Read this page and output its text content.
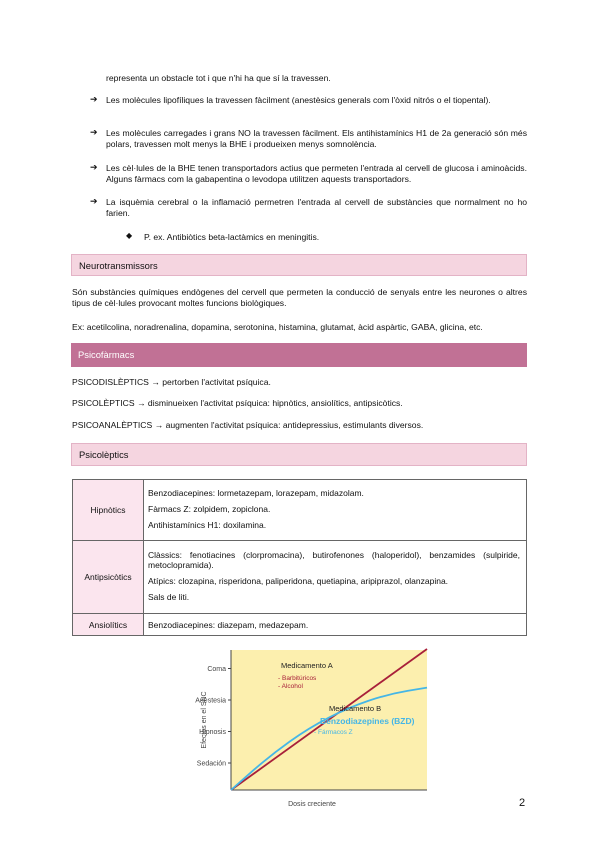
representa un obstacle tot i que n'hi ha que sí la travessen.
➔ Les molècules lipofíliques la travessen fàcilment (anestèsics generals com l'òxid nitrós o el tiopental).
➔ Les molècules carregades i grans NO la travessen fàcilment. Els antihistamínics H1 de 2a generació són més polars, travessen molt menys la BHE i produeixen menys somnolència.
➔ Les cèl·lules de la BHE tenen transportadors actius que permeten l'entrada al cervell de glucosa i aminoàcids. Alguns fàrmacs com la gabapentina o levodopa utilitzen aquests transportadors.
➔ La isquèmia cerebral o la inflamació permetren l'entrada al cervell de substàncies que normalment no ho farien.
◆ P. ex. Antibiòtics beta-lactàmics en meningitis.
Neurotransmissors
Són substàncies químiques endògenes del cervell que permeten la conducció de senyals entre les neurones o altres tipus de cèl·lules provocant moltes funcions biològiques.
Ex: acetilcolina, noradrenalina, dopamina, serotonina, histamina, glutamat, àcid aspàrtic, GABA, glicina, etc.
Psicofàrmacs
PSICODISLÈPTICS → pertorben l'activitat psíquica.
PSICOLÈPTICS → disminueixen l'activitat psíquica: hipnòtics, ansiolítics, antipsicòtics.
PSICOANALÈPTICS → augmenten l'activitat psíquica: antidepressius, estimulants diversos.
Psicolèptics
Hipnòtics	Benzodiacepines: lormetazepam, lorazepam, midazolam.

Fàrmacs Z: zolpidem, zopiclona.

Antihistamínics H1: doxilamina.

Antipsicòtics	Clàssics: fenotiacines (clorpromacina), butirofenones (haloperidol), benzamides (sulpiride, metoclopramida).

Atípics: clozapina, risperidona, paliperidona, quetiapina, aripiprazol, olanzapina.

Sals de liti.

Ansiolítics	Benzodiacepines: diazepam, medazepam.

Sedación
Hipnosis
Anestesia
Coma
Efectos en el SNC
Dosis creciente
Medicamento A
- Barbitúricos
- Alcohol
Medicamento B
Benzodiazepines (BZD)
- Fármacos Z
2
